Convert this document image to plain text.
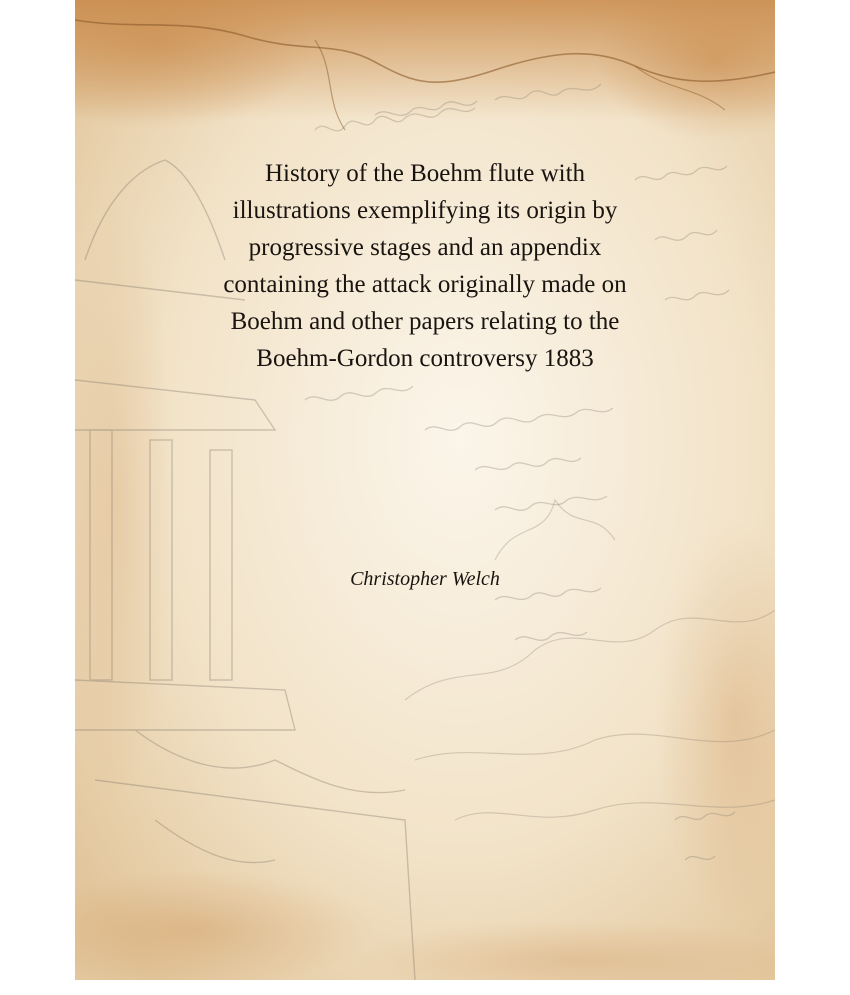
History of the Boehm flute with
illustrations exemplifying its origin by
progressive stages and an appendix
containing the attack originally made on
Boehm and other papers relating to the
Boehm-Gordon controversy 1883
Christopher Welch
